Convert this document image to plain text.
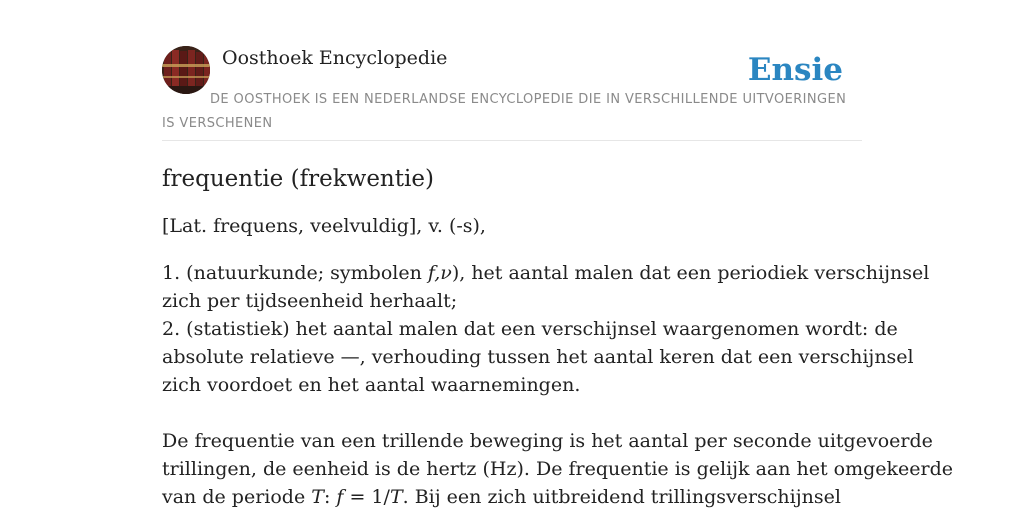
Oosthoek Encyclopedie	Ensie
DE OOSTHOEK IS EEN NEDERLANDSE ENCYCLOPEDIE DIE IN VERSCHILLENDE UITVOERINGEN IS VERSCHENEN
frequentie (frekwentie)

[Lat. frequens, veelvuldig], v. (-s),

1. (natuurkunde; symbolen f,ν), het aantal malen dat een periodiek verschijnsel
zich per tijdseenheid herhaalt;
2. (statistiek) het aantal malen dat een verschijnsel waargenomen wordt: de
absolute relatieve —, verhouding tussen het aantal keren dat een verschijnsel
zich voordoet en het aantal waarnemingen.
De frequentie van een trillende beweging is het aantal per seconde uitgevoerde
trillingen, de eenheid is de hertz (Hz). De frequentie is gelijk aan het omgekeerde
van de periode T: f = 1/T. Bij een zich uitbreidend trillingsverschijnsel
